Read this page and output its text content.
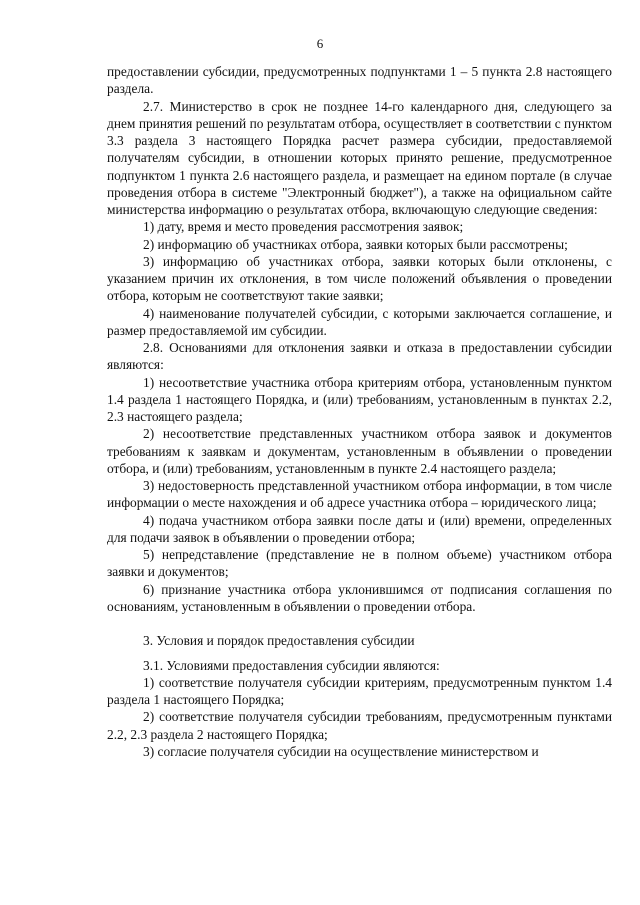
6

предоставлении субсидии, предусмотренных подпунктами 1 – 5 пункта 2.8 настоящего раздела.

2.7. Министерство в срок не позднее 14-го календарного дня, следующего за днем принятия решений по результатам отбора, осуществляет в соответствии с пунктом 3.3 раздела 3 настоящего Порядка расчет размера субсидии, предоставляемой получателям субсидии, в отношении которых принято решение, предусмотренное подпунктом 1 пункта 2.6 настоящего раздела, и размещает на едином портале (в случае проведения отбора в системе "Электронный бюджет"), а также на официальном сайте министерства информацию о результатах отбора, включающую следующие сведения:

1) дату, время и место проведения рассмотрения заявок;

2) информацию об участниках отбора, заявки которых были рассмотрены;

3) информацию об участниках отбора, заявки которых были отклонены, с указанием причин их отклонения, в том числе положений объявления о проведении отбора, которым не соответствуют такие заявки;

4) наименование получателей субсидии, с которыми заключается соглашение, и размер предоставляемой им субсидии.

2.8. Основаниями для отклонения заявки и отказа в предоставлении субсидии являются:

1) несоответствие участника отбора критериям отбора, установленным пунктом 1.4 раздела 1 настоящего Порядка, и (или) требованиям, установленным в пунктах 2.2, 2.3 настоящего раздела;

2) несоответствие представленных участником отбора заявок и документов требованиям к заявкам и документам, установленным в объявлении о проведении отбора, и (или) требованиям, установленным в пункте 2.4 настоящего раздела;

3) недостоверность представленной участником отбора информации, в том числе информации о месте нахождения и об адресе участника отбора – юридического лица;

4) подача участником отбора заявки после даты и (или) времени, определенных для подачи заявок в объявлении о проведении отбора;

5) непредставление (представление не в полном объеме) участником отбора заявки и документов;

6) признание участника отбора уклонившимся от подписания соглашения по основаниям, установленным в объявлении о проведении отбора.

3. Условия и порядок предоставления субсидии

3.1. Условиями предоставления субсидии являются:

1) соответствие получателя субсидии критериям, предусмотренным пунктом 1.4 раздела 1 настоящего Порядка;

2) соответствие получателя субсидии требованиям, предусмотренным пунктами 2.2, 2.3 раздела 2 настоящего Порядка;

3) согласие получателя субсидии на осуществление министерством и
